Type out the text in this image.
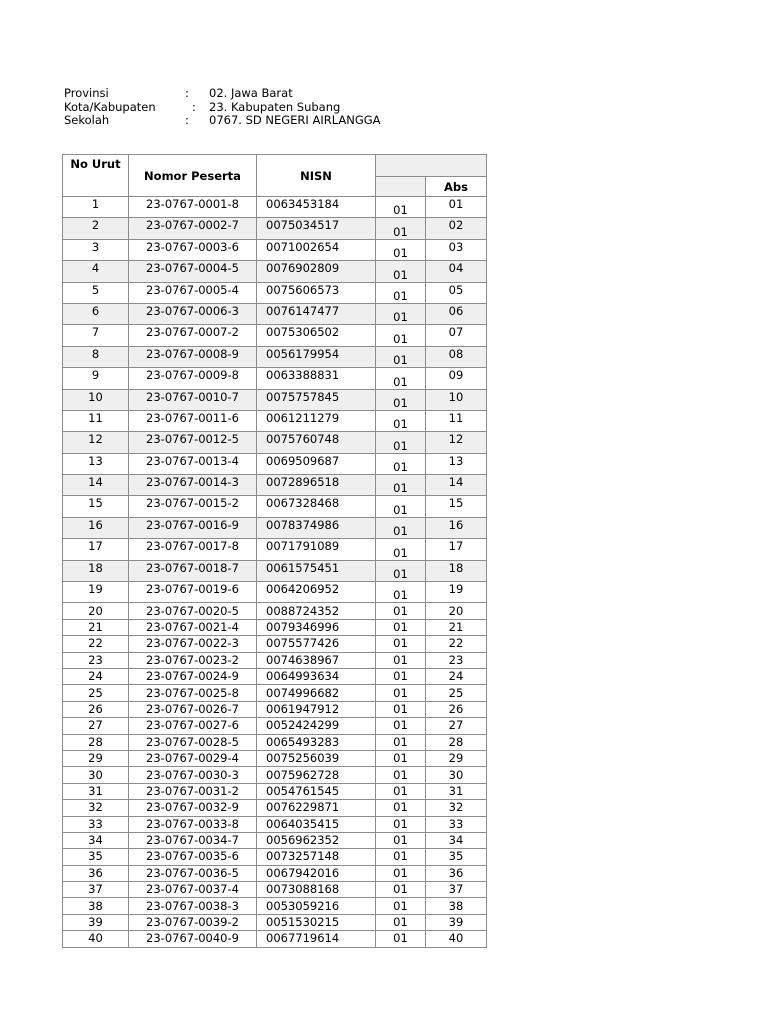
Provinsi	: 02. Jawa Barat
Kota/Kabupaten	: 23. Kabupaten Subang
Sekolah	: 0767. SD NEGERI AIRLANGGA
No Urut	Nomor Peserta	NISN		
				Abs
1	23-0767-0001-8	0063453184	01	01
2	23-0767-0002-7	0075034517	01	02
3	23-0767-0003-6	0071002654	01	03
4	23-0767-0004-5	0076902809	01	04
5	23-0767-0005-4	0075606573	01	05
6	23-0767-0006-3	0076147477	01	06
7	23-0767-0007-2	0075306502	01	07
8	23-0767-0008-9	0056179954	01	08
9	23-0767-0009-8	0063388831	01	09
10	23-0767-0010-7	0075757845	01	10
11	23-0767-0011-6	0061211279	01	11
12	23-0767-0012-5	0075760748	01	12
13	23-0767-0013-4	0069509687	01	13
14	23-0767-0014-3	0072896518	01	14
15	23-0767-0015-2	0067328468	01	15
16	23-0767-0016-9	0078374986	01	16
17	23-0767-0017-8	0071791089	01	17
18	23-0767-0018-7	0061575451	01	18
19	23-0767-0019-6	0064206952	01	19
20	23-0767-0020-5	0088724352	01	20
21	23-0767-0021-4	0079346996	01	21
22	23-0767-0022-3	0075577426	01	22
23	23-0767-0023-2	0074638967	01	23
24	23-0767-0024-9	0064993634	01	24
25	23-0767-0025-8	0074996682	01	25
26	23-0767-0026-7	0061947912	01	26
27	23-0767-0027-6	0052424299	01	27
28	23-0767-0028-5	0065493283	01	28
29	23-0767-0029-4	0075256039	01	29
30	23-0767-0030-3	0075962728	01	30
31	23-0767-0031-2	0054761545	01	31
32	23-0767-0032-9	0076229871	01	32
33	23-0767-0033-8	0064035415	01	33
34	23-0767-0034-7	0056962352	01	34
35	23-0767-0035-6	0073257148	01	35
36	23-0767-0036-5	0067942016	01	36
37	23-0767-0037-4	0073088168	01	37
38	23-0767-0038-3	0053059216	01	38
39	23-0767-0039-2	0051530215	01	39
40	23-0767-0040-9	0067719614	01	40
